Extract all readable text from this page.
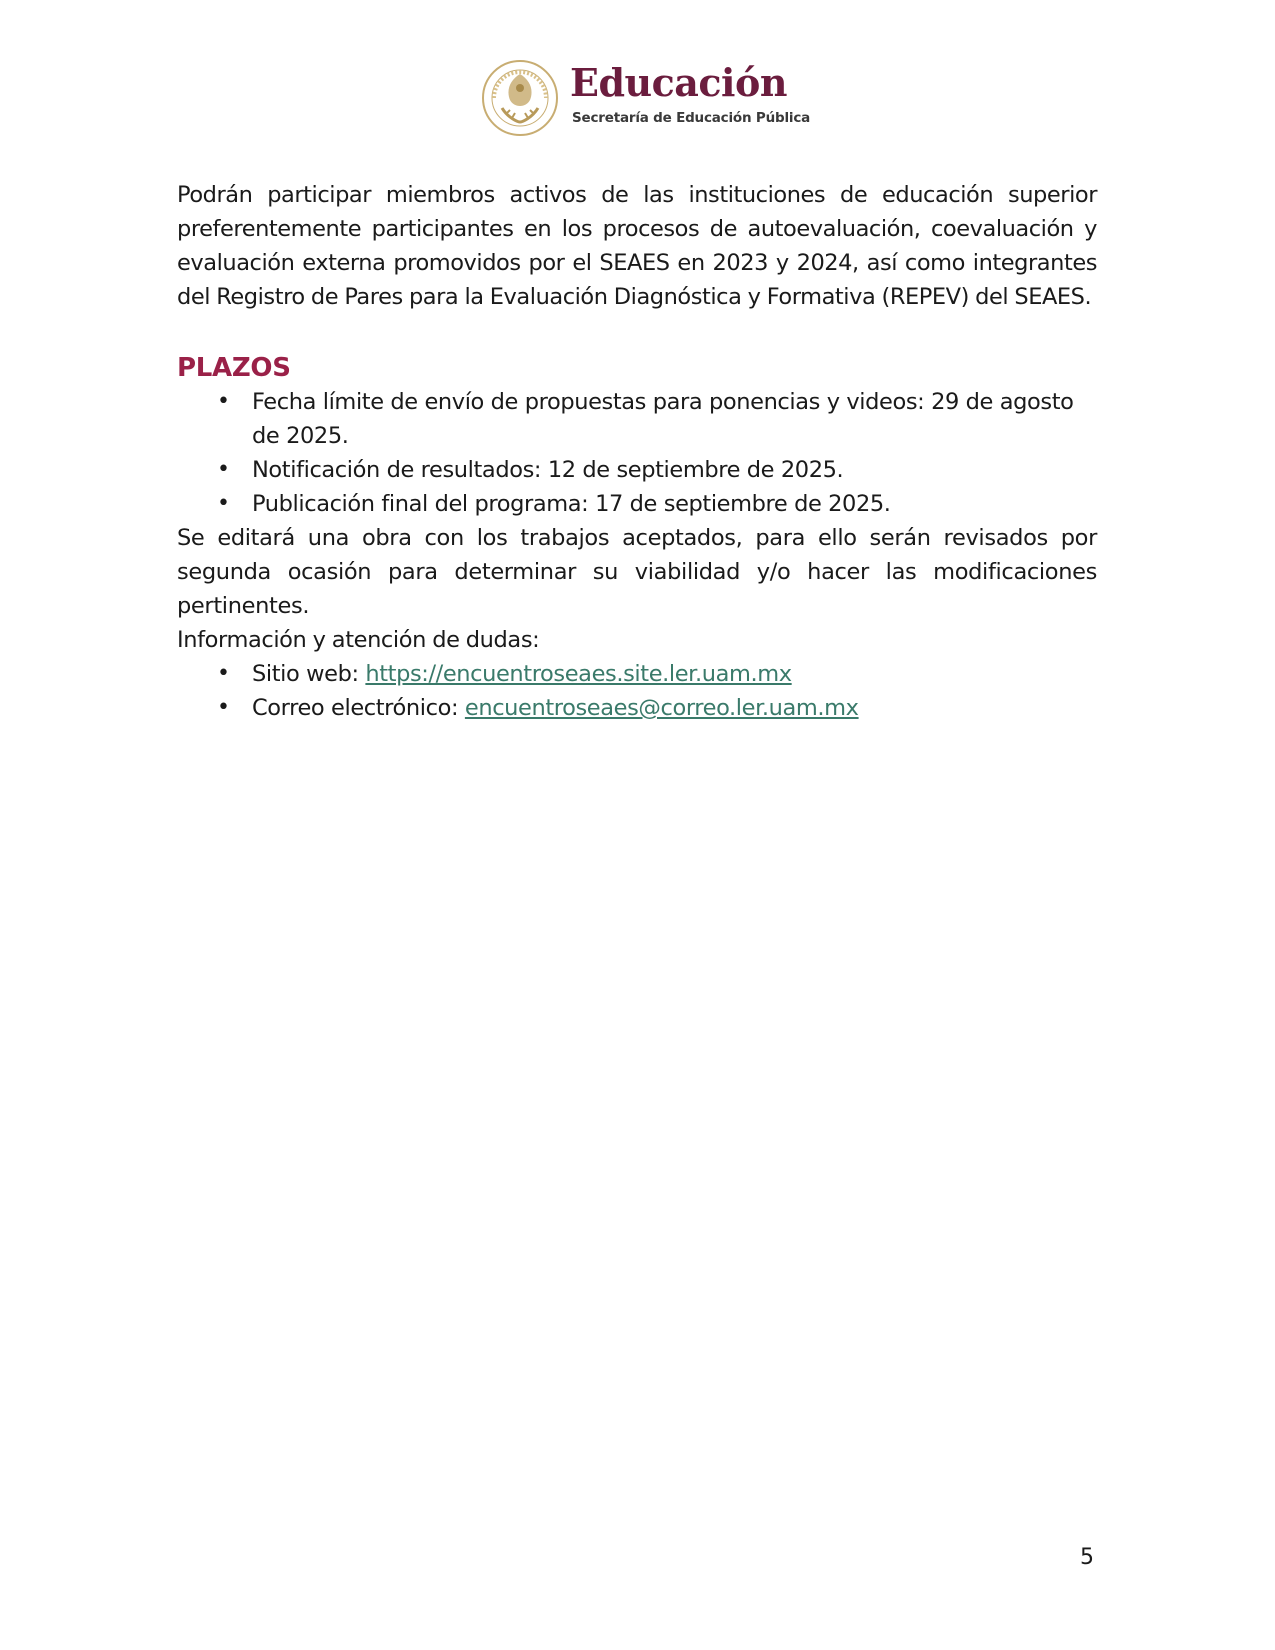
Educación
Secretaría de Educación Pública

Podrán participar miembros activos de las instituciones de educación superior preferentemente participantes en los procesos de autoevaluación, coevaluación y evaluación externa promovidos por el SEAES en 2023 y 2024, así como integrantes del Registro de Pares para la Evaluación Diagnóstica y Formativa (REPEV) del SEAES.

PLAZOS
• Fecha límite de envío de propuestas para ponencias y videos: 29 de agosto de 2025.
• Notificación de resultados: 12 de septiembre de 2025.
• Publicación final del programa: 17 de septiembre de 2025.

Se editará una obra con los trabajos aceptados, para ello serán revisados por segunda ocasión para determinar su viabilidad y/o hacer las modificaciones pertinentes.

Información y atención de dudas:

• Sitio web: https://encuentroseaes.site.ler.uam.mx
• Correo electrónico: encuentroseaes@correo.ler.uam.mx
5
